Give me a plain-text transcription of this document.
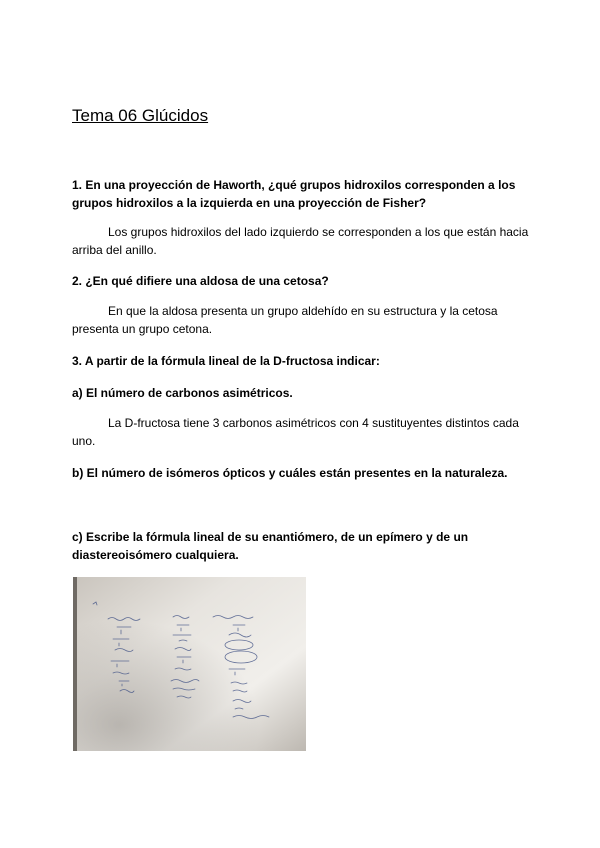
Tema 06 Glúcidos

1. En una proyección de Haworth, ¿qué grupos hidroxilos corresponden a los grupos hidroxilos a la izquierda en una proyección de Fisher?

Los grupos hidroxilos del lado izquierdo se corresponden a los que están hacia arriba del anillo.

2. ¿En qué difiere una aldosa de una cetosa?

En que la aldosa presenta un grupo aldehído en su estructura y la cetosa presenta un grupo cetona.

3. A partir de la fórmula lineal de la D-fructosa indicar:

a) El número de carbonos asimétricos.

La D-fructosa tiene 3 carbonos asimétricos con 4 sustituyentes distintos cada uno.

b) El número de isómeros ópticos y cuáles están presentes en la naturaleza.

c) Escribe la fórmula lineal de su enantiómero, de un epímero y de un diastereoisómero cualquiera.
